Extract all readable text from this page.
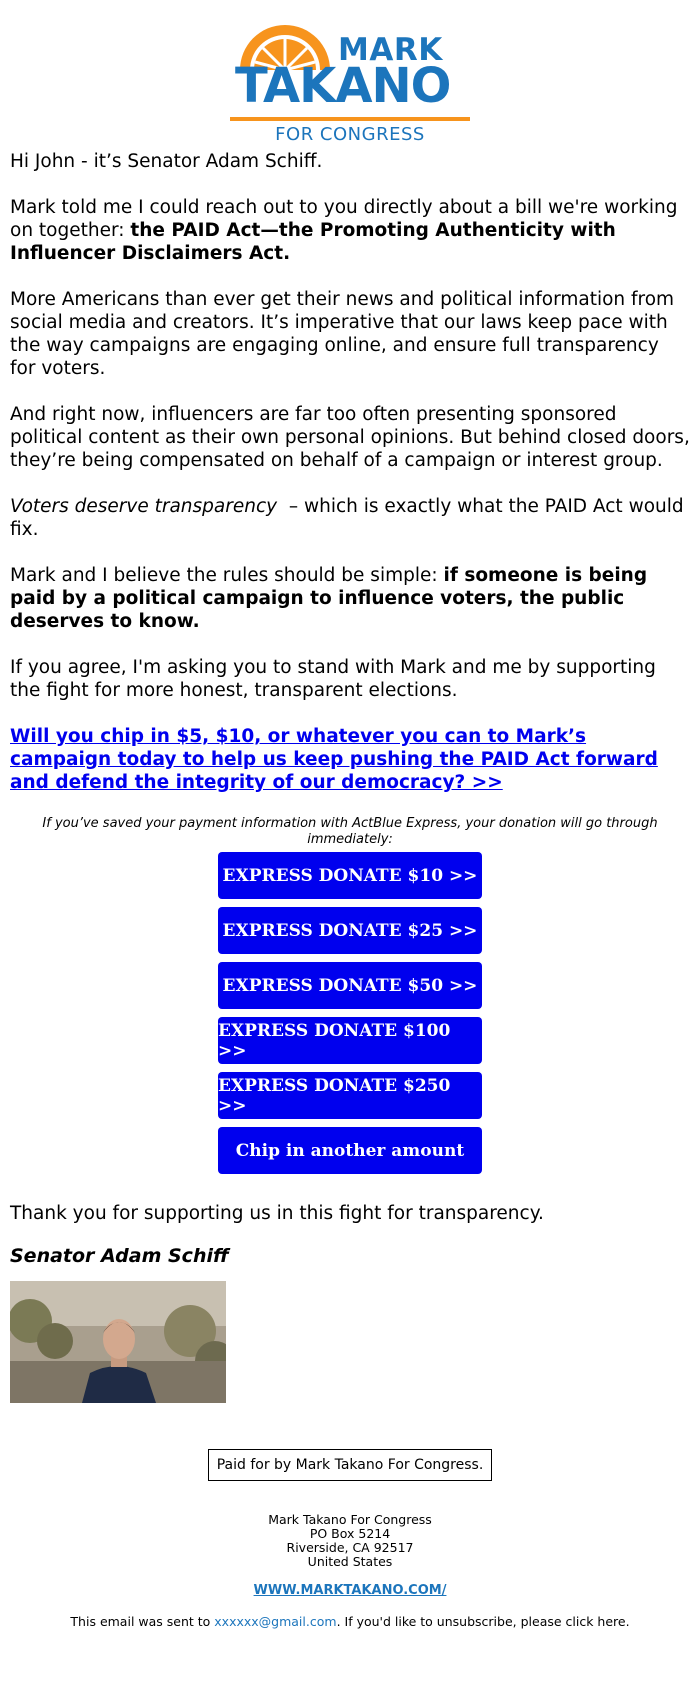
MARK
TAKANO
FOR CONGRESS

Hi John - it’s Senator Adam Schiff.

Mark told me I could reach out to you directly about a bill we're working on together: the PAID Act—the Promoting Authenticity with Influencer Disclaimers Act.

More Americans than ever get their news and political information from social media and creators. It’s imperative that our laws keep pace with the way campaigns are engaging online, and ensure full transparency for voters.

And right now, influencers are far too often presenting sponsored political content as their own personal opinions. But behind closed doors, they’re being compensated on behalf of a campaign or interest group.

Voters deserve transparency  – which is exactly what the PAID Act would fix.

Mark and I believe the rules should be simple: if someone is being paid by a political campaign to influence voters, the public deserves to know.

If you agree, I'm asking you to stand with Mark and me by supporting the fight for more honest, transparent elections.

Will you chip in $5, $10, or whatever you can to Mark’s campaign today to help us keep pushing the PAID Act forward and defend the integrity of our democracy? >>
If you’ve saved your payment information with ActBlue Express, your donation will go through immediately:
EXPRESS DONATE $10 >>
EXPRESS DONATE $25 >>
EXPRESS DONATE $50 >>
EXPRESS DONATE $100 >>
EXPRESS DONATE $250 >>
Chip in another amount

Thank you for supporting us in this fight for transparency.

Senator Adam Schiff

Paid for by Mark Takano For Congress.
Mark Takano For Congress
PO Box 5214
Riverside, CA 92517
United States
WWW.MARKTAKANO.COM/
This email was sent to xxxxxx@gmail.com. If you'd like to unsubscribe, please click here.
